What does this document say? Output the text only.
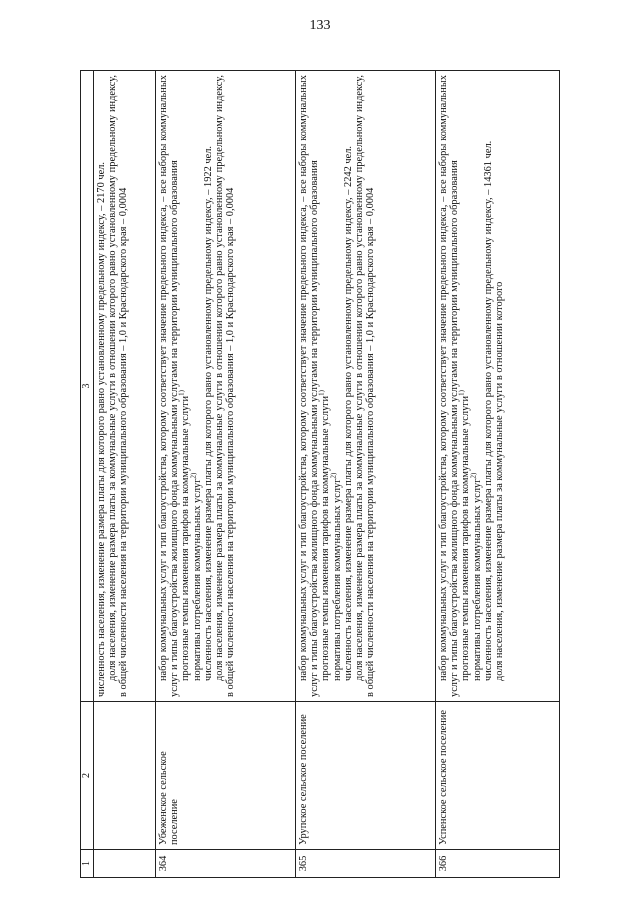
133
1	2	3

		численность населения, изменение размера платы для которого равно установленному предельному индексу, – 2170 чел. доля населения, изменение размера платы за коммунальные услуги в отношении которого равно установленному предельному индексу, в общей численности населения на территории муниципального образования – 1,0 и Краснодарского края – 0,0004

364	Убеженское сельское поселение	набор коммунальных услуг и тип благоустройства, которому соответствует значение предельного индекса, – все наборы коммунальных услуг и типы благоустройства жилищного фонда коммунальными услугами на территории муниципального образования прогнозные темпы изменения тарифов на коммунальные услуги$^{1)}$

нормативы потребления коммунальных услуг$^{2)}$ численность населения, изменение размера платы для которого равно установленному предельному индексу, – 1922 чел. доля населения, изменение размера платы за коммунальные услуги в отношении которого равно установленному предельному индексу, в общей численности населения на территории муниципального образования – 1,0 и Краснодарского края – 0,0004

365	Урупское сельское поселение	набор коммунальных услуг и тип благоустройства, которому соответствует значение предельного индекса, – все наборы коммунальных услуг и типы благоустройства жилищного фонда коммунальными услугами на территории муниципального образования прогнозные темпы изменения тарифов на коммунальные услуги$^{1)}$

нормативы потребления коммунальных услуг$^{2)}$ численность населения, изменение размера платы для которого равно установленному предельному индексу, – 2242 чел. доля населения, изменение размера платы за коммунальные услуги в отношении которого равно установленному предельному индексу, в общей численности населения на территории муниципального образования – 1,0 и Краснодарского края – 0,0004

366	Успенское сельское поселение	набор коммунальных услуг и тип благоустройства, которому соответствует значение предельного индекса, – все наборы коммунальных услуг и типы благоустройства жилищного фонда коммунальными услугами на территории муниципального образования прогнозные темпы изменения тарифов на коммунальные услуги$^{1)}$

нормативы потребления коммунальных услуг$^{2)}$ численность населения, изменение размера платы для которого равно установленному предельному индексу, – 14361 чел. доля населения, изменение размера платы за коммунальные услуги в отношении которого
